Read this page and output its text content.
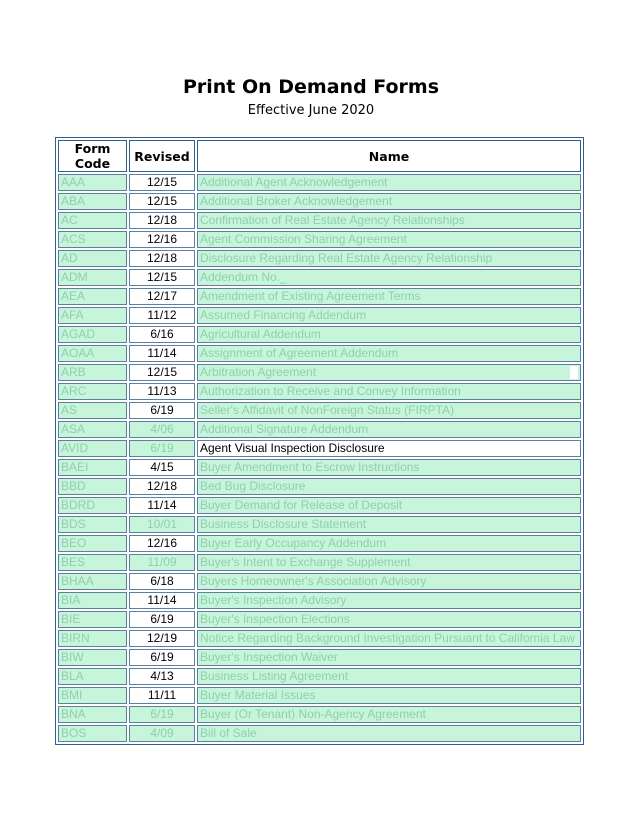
Print On Demand Forms
Effective June 2020
Form Code	Revised	Name
AAA	12/15	Additional Agent Acknowledgement
ABA	12/15	Additional Broker Acknowledgement
AC	12/18	Confirmation of Real Estate Agency Relationships
ACS	12/16	Agent Commission Sharing Agreement
AD	12/18	Disclosure Regarding Real Estate Agency Relationship
ADM	12/15	Addendum No._
AEA	12/17	Amendment of Existing Agreement Terms
AFA	11/12	Assumed Financing Addendum
AGAD	6/16	Agricultural Addendum
AOAA	11/14	Assignment of Agreement Addendum
ARB	12/15	Arbitration Agreement
ARC	11/13	Authorization to Receive and Convey Information
AS	6/19	Seller's Affidavit of NonForeign Status (FIRPTA)
ASA	4/06	Additional Signature Addendum
AVID	6/19	Agent Visual Inspection Disclosure
BAEI	4/15	Buyer Amendment to Escrow Instructions
BBD	12/18	Bed Bug Disclosure
BDRD	11/14	Buyer Demand for Release of Deposit
BDS	10/01	Business Disclosure Statement
BEO	12/16	Buyer Early Occupancy Addendum
BES	11/09	Buyer's Intent to Exchange Supplement
BHAA	6/18	Buyers Homeowner's Association Advisory
BIA	11/14	Buyer's Inspection Advisory
BIE	6/19	Buyer's Inspection Elections
BIRN	12/19	Notice Regarding Background Investigation Pursuant to California Law
BIW	6/19	Buyer's Inspection Waiver
BLA	4/13	Business Listing Agreement
BMI	11/11	Buyer Material Issues
BNA	6/19	Buyer (Or Tenant) Non-Agency Agreement
BOS	4/09	Bill of Sale
